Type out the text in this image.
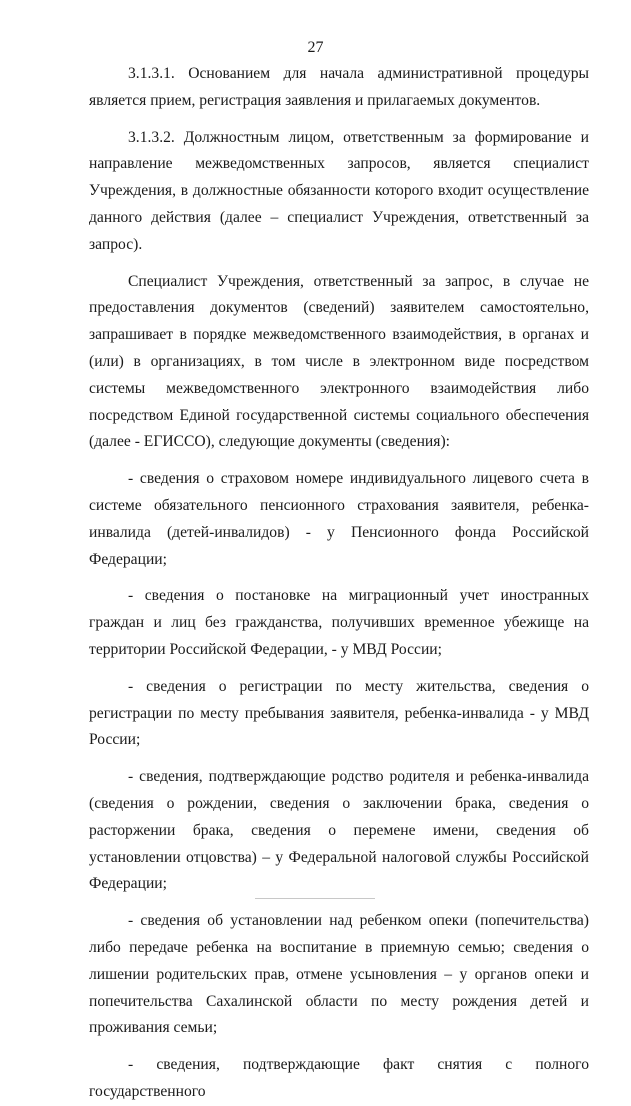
27

3.1.3.1. Основанием для начала административной процедуры является прием, регистрация заявления и прилагаемых документов.

3.1.3.2. Должностным лицом, ответственным за формирование и направление межведомственных запросов, является специалист Учреждения, в должностные обязанности которого входит осуществление данного действия (далее – специалист Учреждения, ответственный за запрос).

Специалист Учреждения, ответственный за запрос, в случае не предоставления документов (сведений) заявителем самостоятельно, запрашивает в порядке межведомственного взаимодействия, в органах и (или) в организациях, в том числе в электронном виде посредством системы межведомственного электронного взаимодействия либо посредством Единой государственной системы социального обеспечения (далее - ЕГИССО), следующие документы (сведения):

- сведения о страховом номере индивидуального лицевого счета в системе обязательного пенсионного страхования заявителя, ребенка-инвалида (детей-инвалидов) - у Пенсионного фонда Российской Федерации;

- сведения о постановке на миграционный учет иностранных граждан и лиц без гражданства, получивших временное убежище на территории Российской Федерации, - у МВД России;

- сведения о регистрации по месту жительства, сведения о регистрации по месту пребывания заявителя, ребенка-инвалида - у МВД России;

- сведения, подтверждающие родство родителя и ребенка-инвалида (сведения о рождении, сведения о заключении брака, сведения о расторжении брака, сведения о перемене имени, сведения об установлении отцовства) – у Федеральной налоговой службы Российской Федерации;

- сведения об установлении над ребенком опеки (попечительства) либо передаче ребенка на воспитание в приемную семью; сведения о лишении родительских прав, отмене усыновления – у органов опеки и попечительства Сахалинской области по месту рождения детей и проживания семьи;

- сведения, подтверждающие факт снятия с полного государственного
